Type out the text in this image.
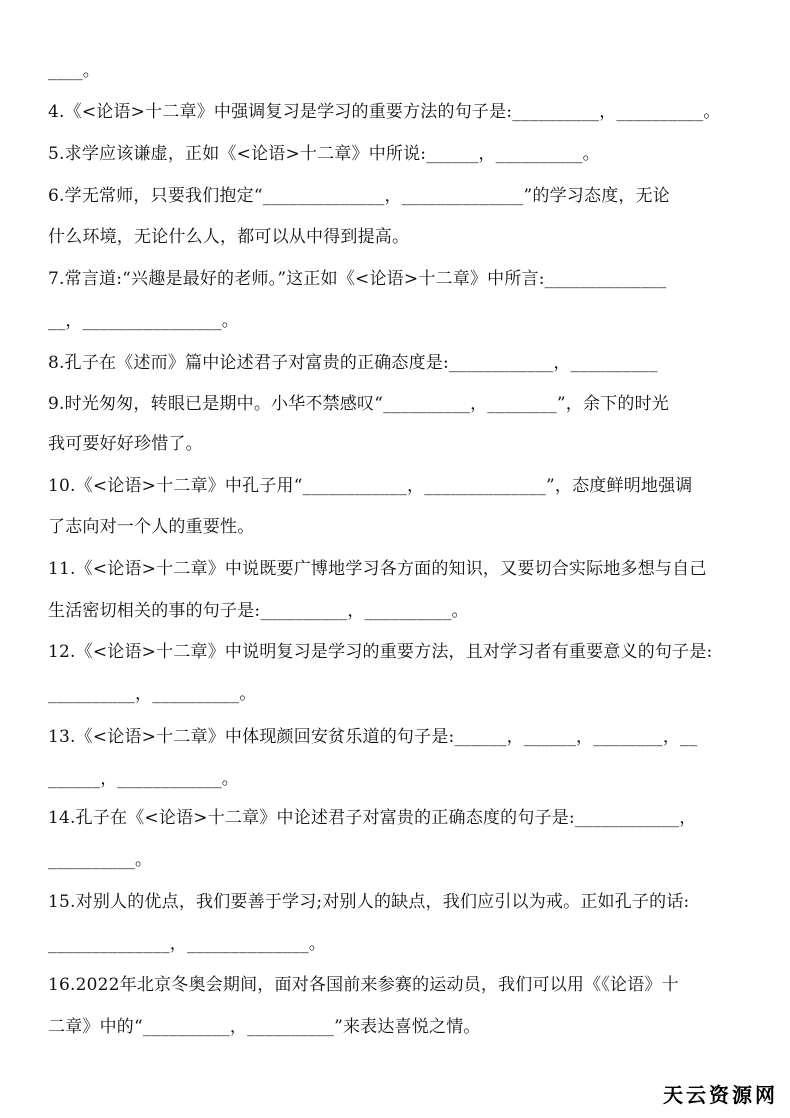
____。
4.《<论语>十二章》中强调复习是学习的重要方法的句子是:__________，__________。
5.求学应该谦虚，正如《<论语>十二章》中所说:______，__________。
6.学无常师，只要我们抱定“______________，______________”的学习态度，无论
什么环境，无论什么人，都可以从中得到提高。
7.常言道:“兴趣是最好的老师。”这正如《<论语>十二章》中所言:______________
__，________________。
8.孔子在《述而》篇中论述君子对富贵的正确态度是:____________，__________
9.时光匆匆，转眼已是期中。小华不禁感叹“__________，________”，余下的时光
我可要好好珍惜了。
10.《<论语>十二章》中孔子用“____________，______________”，态度鲜明地强调
了志向对一个人的重要性。
11.《<论语>十二章》中说既要广博地学习各方面的知识，又要切合实际地多想与自己
生活密切相关的事的句子是:__________，__________。
12.《<论语>十二章》中说明复习是学习的重要方法，且对学习者有重要意义的句子是:
__________，__________。
13.《<论语>十二章》中体现颜回安贫乐道的句子是:______，______，________，__
______，____________。
14.孔子在《<论语>十二章》中论述君子对富贵的正确态度的句子是:____________，
__________。
15.对别人的优点，我们要善于学习;对别人的缺点，我们应引以为戒。正如孔子的话:
______________，______________。
16.2022年北京冬奥会期间，面对各国前来参赛的运动员，我们可以用《《论语》十
二章》中的“__________，__________”来表达喜悦之情。
天云资源网
